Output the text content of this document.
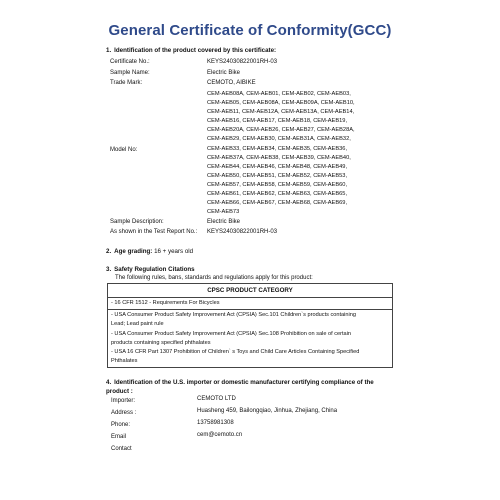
General Certificate of Conformity(GCC)
1. Identification of the product covered by this certificate:
Certificate No.:	KEYS24030822001RH-03
Sample Name:	Electric Bike
Trade Mark:	CEMOTO, AIBIKE
Model No:
CEM-AEB08A, CEM-AEB01, CEM-AEB02, CEM-AEB03,
CEM-AEB05, CEM-AEB08A, CEM-AEB09A, CEM-AEB10,
CEM-AEB11, CEM-AEB12A, CEM-AEB13A, CEM-AEB14,
CEM-AEB16, CEM-AEB17, CEM-AEB18, CEM-AEB19,
CEM-AEB20A, CEM-AEB26, CEM-AEB27, CEM-AEB28A,
CEM-AEB29, CEM-AEB30, CEM-AEB31A, CEM-AEB32,
CEM-AEB33, CEM-AEB34, CEM-AEB35, CEM-AEB36,
CEM-AEB37A, CEM-AEB38, CEM-AEB39, CEM-AEB40,
CEM-AEB44, CEM-AEB46, CEM-AEB48, CEM-AEB49,
CEM-AEB50, CEM-AEB51, CEM-AEB52, CEM-AEB53,
CEM-AEB57, CEM-AEB58, CEM-AEB59, CEM-AEB60,
CEM-AEB61, CEM-AEB62, CEM-AEB63, CEM-AEB65,
CEM-AEB66, CEM-AEB67, CEM-AEB68, CEM-AEB69,
CEM-AEB73
Sample Description:	Electric Bike
As shown in the Test Report No.: KEYS24030822001RH-03
2. Age grading: 16 + years old
3. Safety Regulation Citations
The following rules, bans, standards and regulations apply for this product:
CPSC PRODUCT CATEGORY
- 16 CFR 1512 - Requirements For Bicycles
- USA Consumer Product Safety Improvement Act (CPSIA) Sec.101 Children`s products containing
Lead; Lead paint rule
- USA Consumer Product Safety Improvement Act (CPSIA) Sec.108 Prohibition on sale of certain
products containing specified phthalates
- USA 16 CFR Part 1307 Prohibition of Children` s Toys and Child Care Articles Containing Specified
Phthalates
4. Identification of the U.S. importer or domestic manufacturer certifying compliance of the
product :
Importer:	CEMOTO LTD
Address :	Huasheng 459, Bailongqiao, Jinhua, Zhejiang, China
Phone:	13758981308
Email	cem@cemoto.cn
Contact
